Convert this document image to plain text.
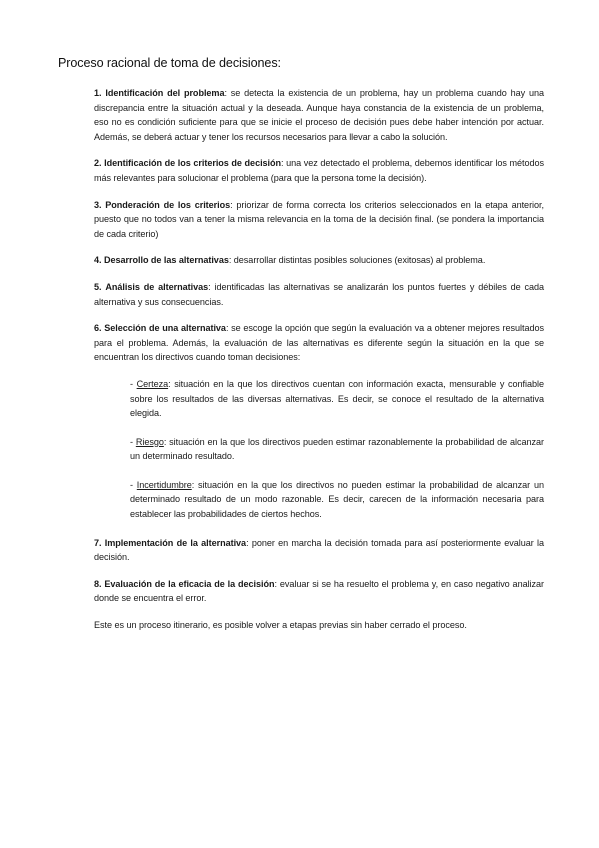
Proceso racional de toma de decisiones:

1. Identificación del problema: se detecta la existencia de un problema, hay un problema cuando hay una discrepancia entre la situación actual y la deseada. Aunque haya constancia de la existencia de un problema, eso no es condición suficiente para que se inicie el proceso de decisión pues debe haber intención por actuar. Además, se deberá actuar y tener los recursos necesarios para llevar a cabo la solución.

2. Identificación de los criterios de decisión: una vez detectado el problema, debemos identificar los métodos más relevantes para solucionar el problema (para que la persona tome la decisión).

3. Ponderación de los criterios: priorizar de forma correcta los criterios seleccionados en la etapa anterior, puesto que no todos van a tener la misma relevancia en la toma de la decisión final. (se pondera la importancia de cada criterio)

4. Desarrollo de las alternativas: desarrollar distintas posibles soluciones (exitosas) al problema.

5. Análisis de alternativas: identificadas las alternativas se analizarán los puntos fuertes y débiles de cada alternativa y sus consecuencias.

6. Selección de una alternativa: se escoge la opción que según la evaluación va a obtener mejores resultados para el problema. Además, la evaluación de las alternativas es diferente según la situación en la que se encuentran los directivos cuando toman decisiones:

- Certeza: situación en la que los directivos cuentan con información exacta, mensurable y confiable sobre los resultados de las diversas alternativas. Es decir, se conoce el resultado de la alternativa elegida.

- Riesgo: situación en la que los directivos pueden estimar razonablemente la probabilidad de alcanzar un determinado resultado.

- Incertidumbre: situación en la que los directivos no pueden estimar la probabilidad de alcanzar un determinado resultado de un modo razonable. Es decir, carecen de la información necesaria para establecer las probabilidades de ciertos hechos.

7. Implementación de la alternativa: poner en marcha la decisión tomada para así posteriormente evaluar la decisión.

8. Evaluación de la eficacia de la decisión: evaluar si se ha resuelto el problema y, en caso negativo analizar donde se encuentra el error.

Este es un proceso itinerario, es posible volver a etapas previas sin haber cerrado el proceso.
